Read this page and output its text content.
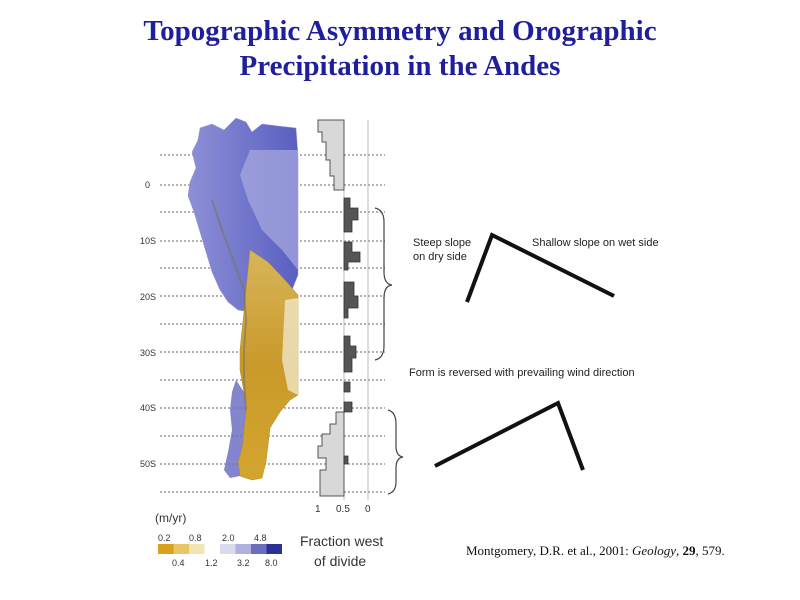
Topographic Asymmetry and Orographic
Precipitation in the Andes
0
10S
20S
30S
40S
50S
1 0.5 0
Fraction west
of divide
(m/yr)
0.2 0.8 2.0 4.8
0.4 1.2 3.2 8.0
Steep slope
on dry side
Shallow slope on wet side
Form is reversed with prevailing wind direction
Montgomery, D.R. et al., 2001: Geology, 29, 579.
